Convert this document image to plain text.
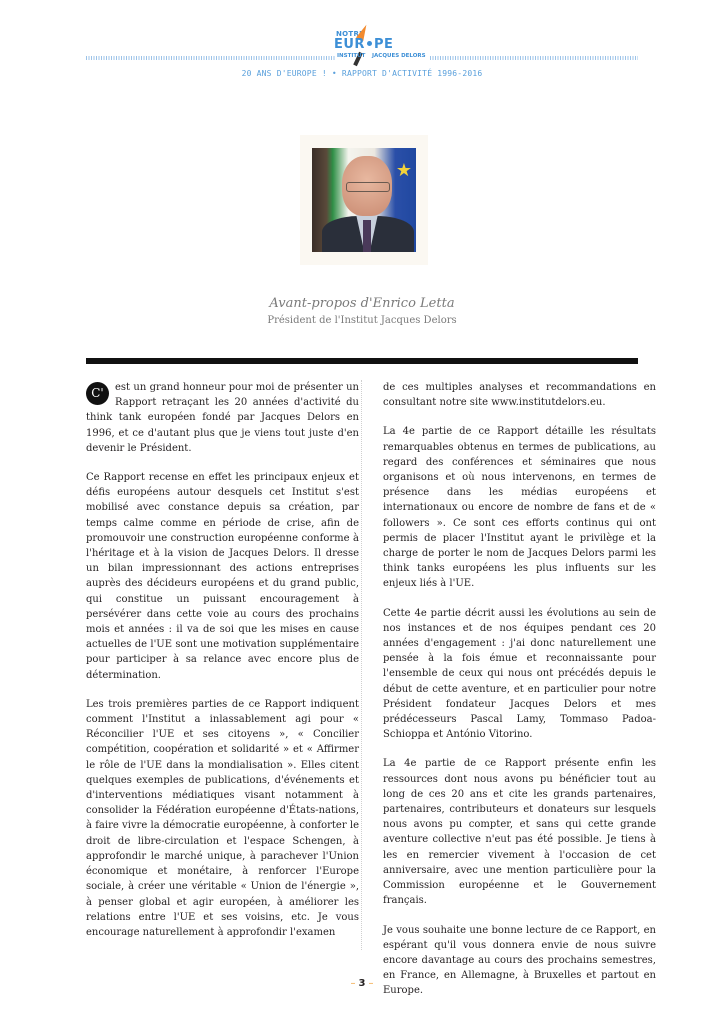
NOTRE
EUR PE
INSTITUT JACQUES DELORS
20 ANS D'EUROPE ! • RAPPORT D'ACTIVITÉ 1996-2016
★
Avant-propos d'Enrico Letta
Président de l'Institut Jacques Delors

C'	est un grand honneur pour moi de présenter un Rapport retraçant les 20 années d'activité du think tank européen fondé par Jacques Delors en 1996, et ce d'autant plus que je viens tout juste d'en devenir le Président.

Ce Rapport recense en effet les principaux enjeux et défis européens autour desquels cet Institut s'est mobilisé avec constance depuis sa création, par temps calme comme en période de crise, afin de promouvoir une construction européenne conforme à l'héritage et à la vision de Jacques Delors. Il dresse un bilan impressionnant des actions entreprises auprès des décideurs européens et du grand public, qui constitue un puissant encouragement à persévérer dans cette voie au cours des prochains mois et années : il va de soi que les mises en cause actuelles de l'UE sont une motivation supplémentaire pour participer à sa relance avec encore plus de détermination.

Les trois premières parties de ce Rapport indiquent comment l'Institut a inlassablement agi pour « Réconcilier l'UE et ses citoyens », « Concilier compétition, coopération et solidarité » et « Affirmer le rôle de l'UE dans la mondialisation ». Elles citent quelques exemples de publications, d'événements et d'interventions médiatiques visant notamment à consolider la Fédération européenne d'États-nations, à faire vivre la démocratie européenne, à conforter le droit de libre-circulation et l'espace Schengen, à approfondir le marché unique, à parachever l'Union économique et monétaire, à renforcer l'Europe sociale, à créer une véritable « Union de l'énergie », à penser global et agir européen, à améliorer les relations entre l'UE et ses voisins, etc. Je vous encourage naturellement à approfondir l'examen

de ces multiples analyses et recommandations en consultant notre site www.institutdelors.eu.

La 4e partie de ce Rapport détaille les résultats remarquables obtenus en termes de publications, au regard des conférences et séminaires que nous organisons et où nous intervenons, en termes de présence dans les médias européens et internationaux ou encore de nombre de fans et de « followers ». Ce sont ces efforts continus qui ont permis de placer l'Institut ayant le privilège et la charge de porter le nom de Jacques Delors parmi les think tanks européens les plus influents sur les enjeux liés à l'UE.

Cette 4e partie décrit aussi les évolutions au sein de nos instances et de nos équipes pendant ces 20 années d'engagement : j'ai donc naturellement une pensée à la fois émue et reconnaissante pour l'ensemble de ceux qui nous ont précédés depuis le début de cette aventure, et en particulier pour notre Président fondateur Jacques Delors et mes prédécesseurs Pascal Lamy, Tommaso Padoa-Schioppa et António Vitorino.

La 4e partie de ce Rapport présente enfin les ressources dont nous avons pu bénéficier tout au long de ces 20 ans et cite les grands partenaires, partenaires, contributeurs et donateurs sur lesquels nous avons pu compter, et sans qui cette grande aventure collective n'eut pas été possible. Je tiens à les en remercier vivement à l'occasion de cet anniversaire, avec une mention particulière pour la Commission européenne et le Gouvernement français.

Je vous souhaite une bonne lecture de ce Rapport, en espérant qu'il vous donnera envie de nous suivre encore davantage au cours des prochains semestres, en France, en Allemagne, à Bruxelles et partout en Europe.

– 3 –
